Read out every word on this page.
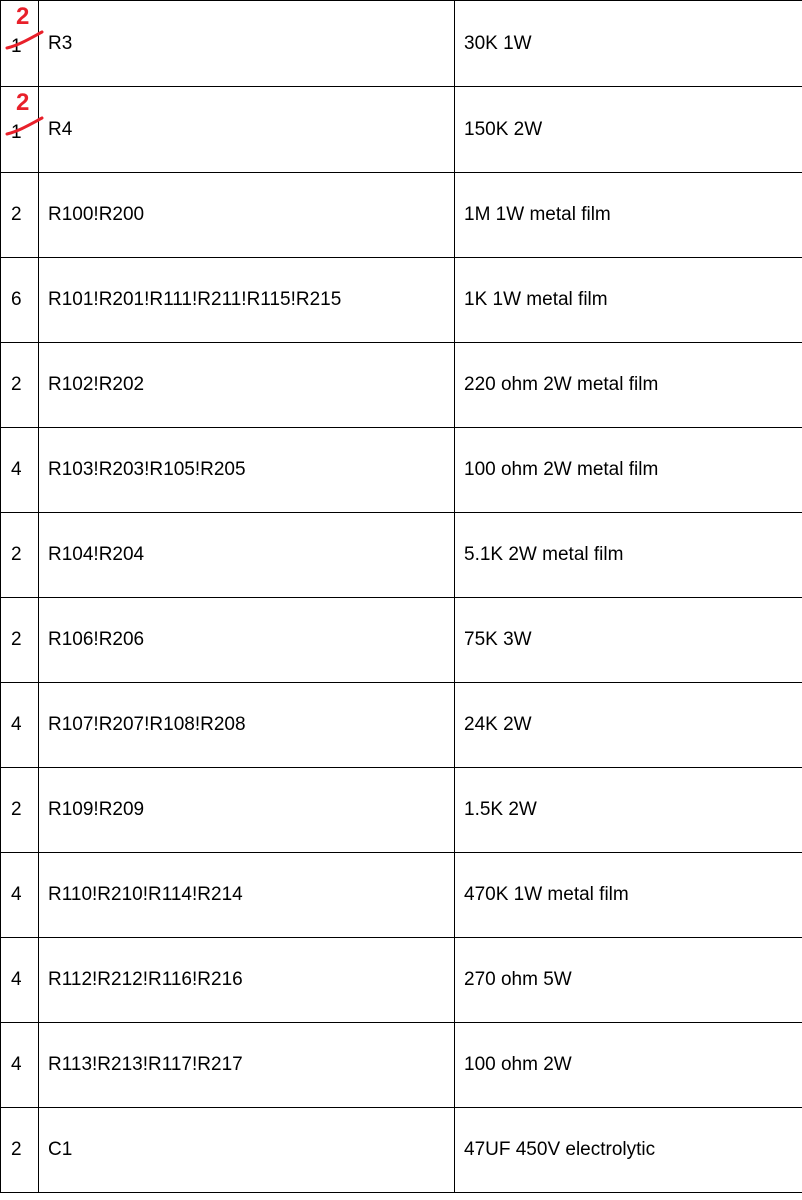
2
1	R3	30K 1W

2
1	R4	150K 2W
2	R100!R200	1M 1W metal film
6	R101!R201!R111!R211!R115!R215	1K 1W metal film
2	R102!R202	220 ohm 2W metal film
4	R103!R203!R105!R205	100 ohm 2W metal film
2	R104!R204	5.1K 2W metal film
2	R106!R206	75K 3W
4	R107!R207!R108!R208	24K 2W
2	R109!R209	1.5K 2W
4	R110!R210!R114!R214	470K 1W metal film
4	R112!R212!R116!R216	270 ohm 5W
4	R113!R213!R117!R217	100 ohm 2W
2	C1	47UF 450V electrolytic
